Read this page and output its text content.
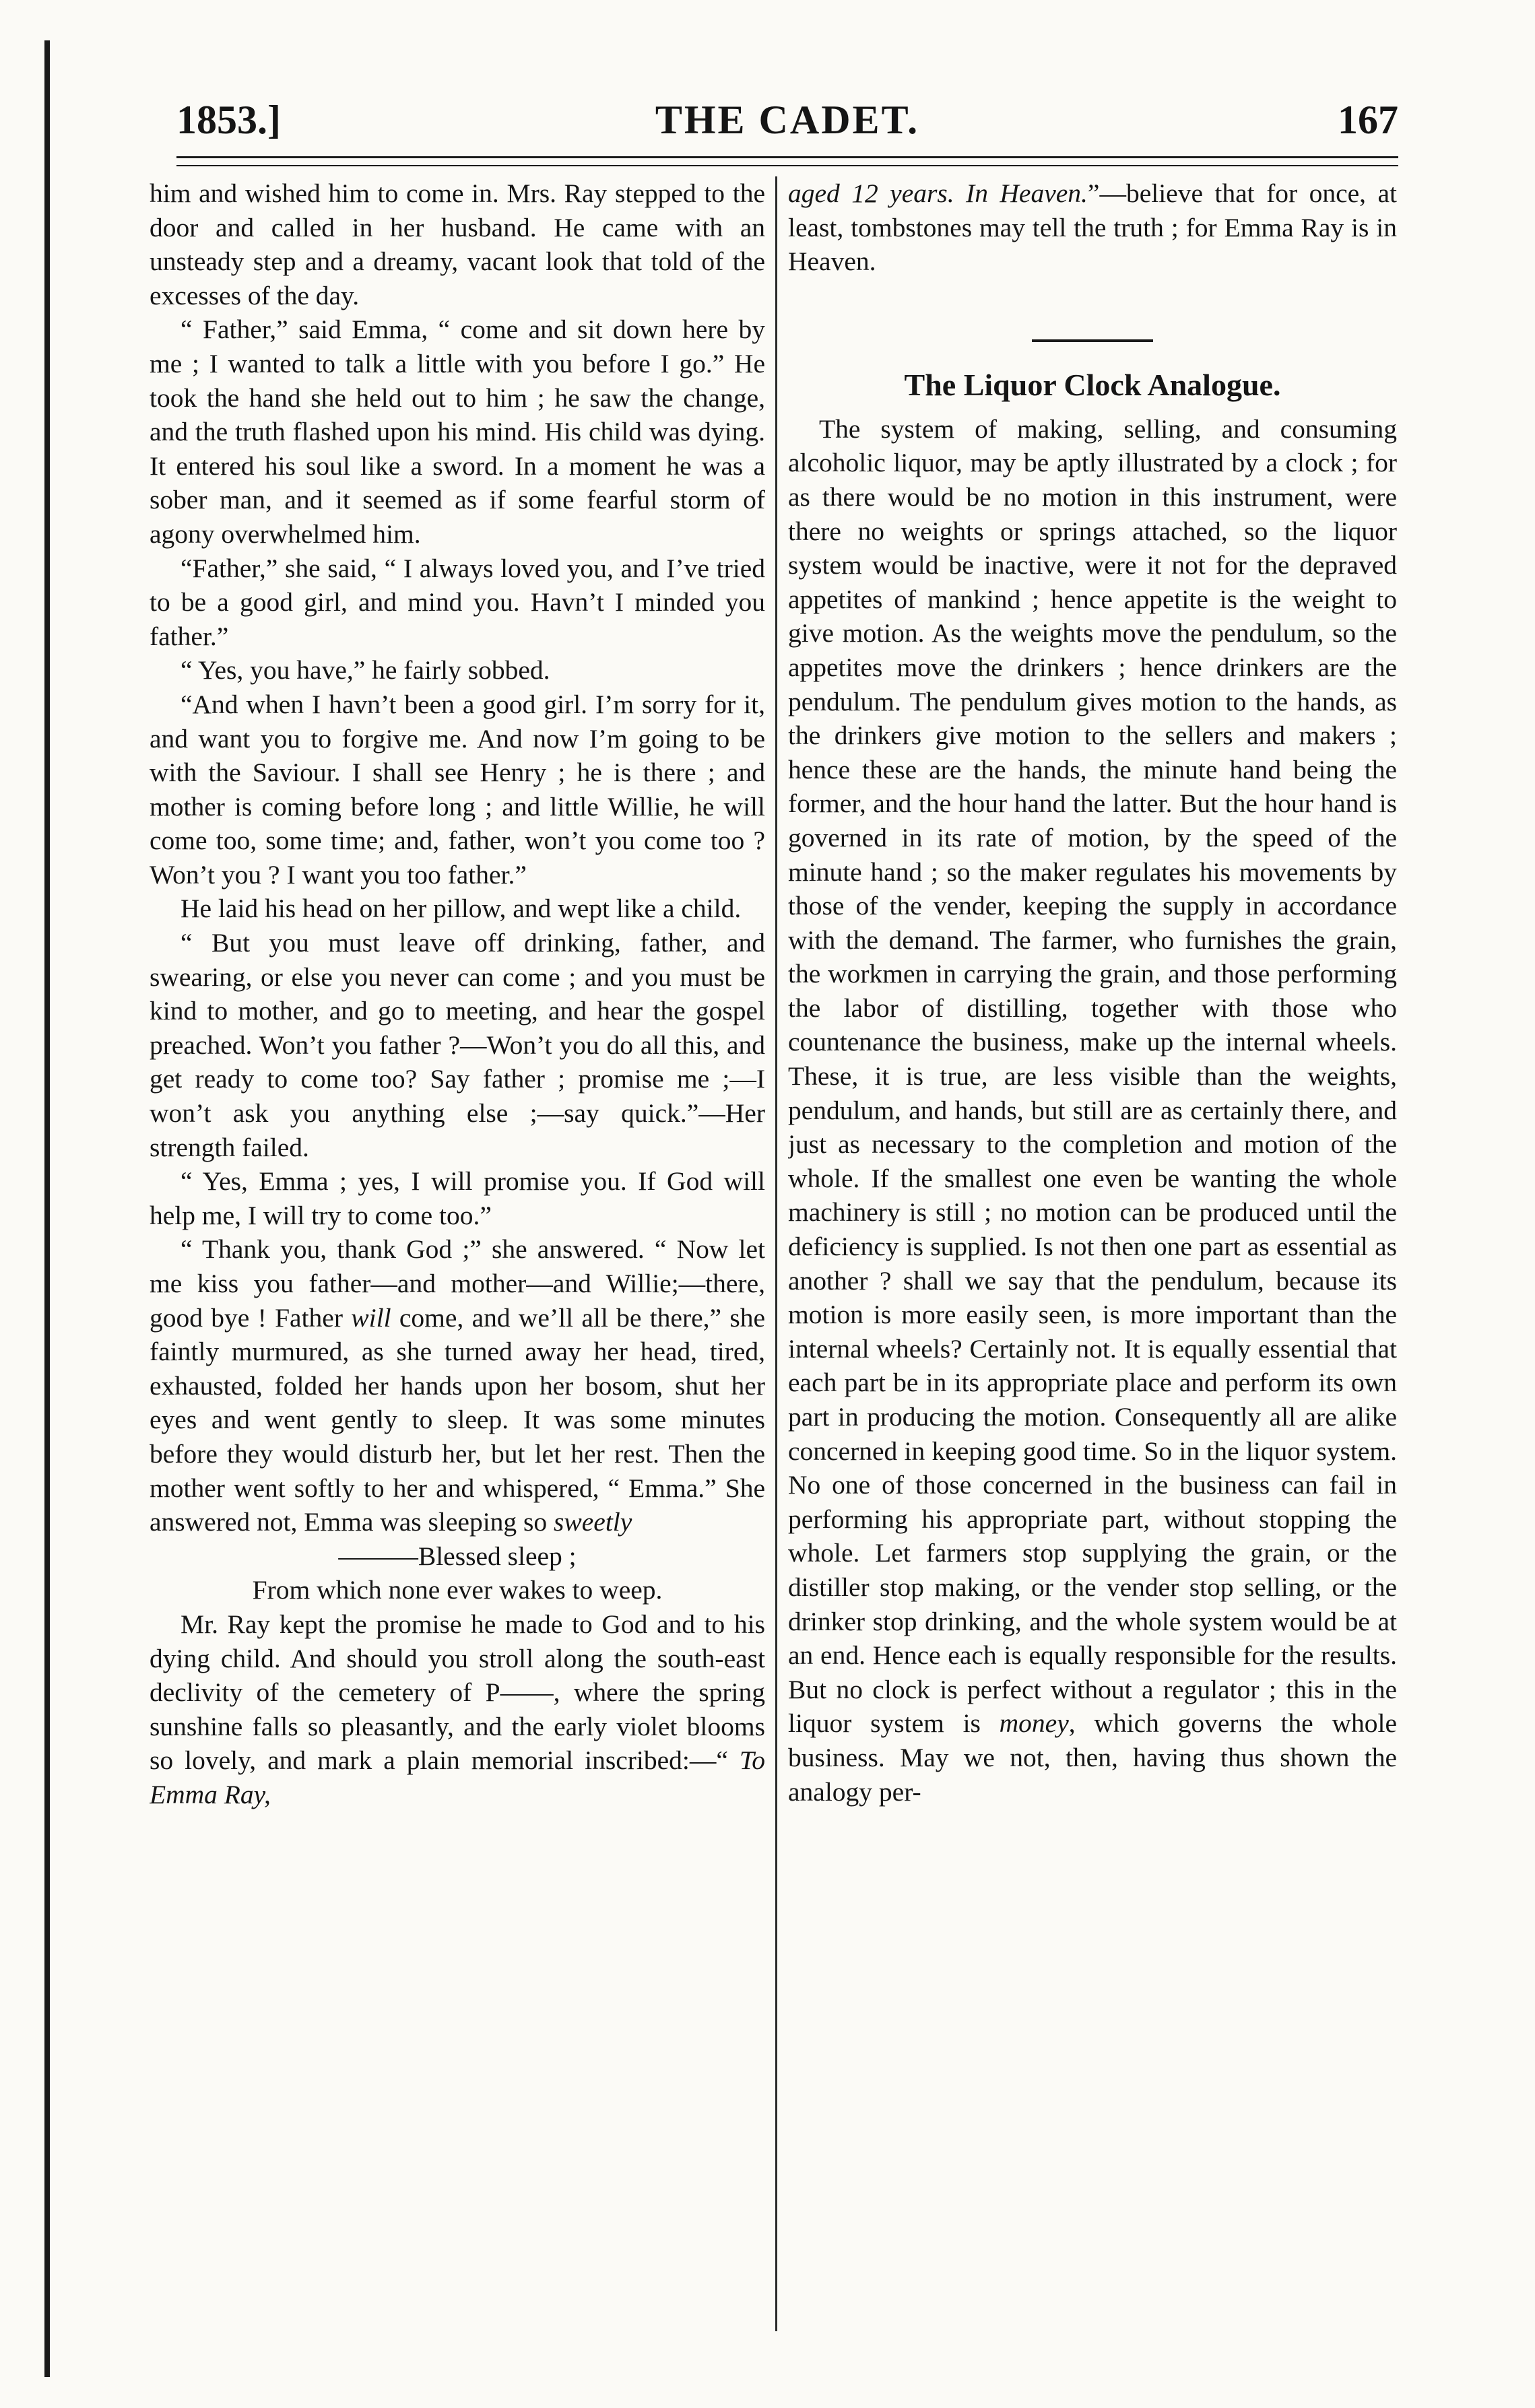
THE CADET.
1853.]	167

him and wished him to come in. Mrs. Ray stepped to the door and called in her husband. He came with an unsteady step and a dreamy, vacant look that told of the excesses of the day.

“ Father,” said Emma, “ come and sit down here by me ; I wanted to talk a little with you before I go.” He took the hand she held out to him ; he saw the change, and the truth flashed upon his mind. His child was dying. It entered his soul like a sword. In a moment he was a sober man, and it seemed as if some fearful storm of agony overwhelmed him.

“Father,” she said, “ I always loved you, and I’ve tried to be a good girl, and mind you. Havn’t I minded you father.”

“ Yes, you have,” he fairly sobbed.

“And when I havn’t been a good girl. I’m sorry for it, and want you to forgive me. And now I’m going to be with the Saviour. I shall see Henry ; he is there ; and mother is coming before long ; and little Willie, he will come too, some time; and, father, won’t you come too ? Won’t you ? I want you too father.”

He laid his head on her pillow, and wept like a child.

“ But you must leave off drinking, father, and swearing, or else you never can come ; and you must be kind to mother, and go to meeting, and hear the gospel preached. Won’t you father ?—Won’t you do all this, and get ready to come too? Say father ; promise me ;—I won’t ask you anything else ;—say quick.”—Her strength failed.

“ Yes, Emma ; yes, I will promise you. If God will help me, I will try to come too.”

“ Thank you, thank God ;” she answered. “ Now let me kiss you father—and mother—and Willie;—there, good bye ! Father will come, and we’ll all be there,” she faintly murmured, as she turned away her head, tired, exhausted, folded her hands upon her bosom, shut her eyes and went gently to sleep. It was some minutes before they would disturb her, but let her rest. Then the mother went softly to her and whispered, “ Emma.” She answered not, Emma was sleeping so sweetly

———Blessed sleep ;

From which none ever wakes to weep.

Mr. Ray kept the promise he made to God and to his dying child. And should you stroll along the south-east declivity of the cemetery of P——, where the spring sunshine falls so pleasantly, and the early violet blooms so lovely, and mark a plain memorial inscribed:—“ To Emma Ray,

aged 12 years. In Heaven.”—believe that for once, at least, tombstones may tell the truth ; for Emma Ray is in Heaven.

The Liquor Clock Analogue.

The system of making, selling, and consuming alcoholic liquor, may be aptly illustrated by a clock ; for as there would be no motion in this instrument, were there no weights or springs attached, so the liquor system would be inactive, were it not for the depraved appetites of mankind ; hence appetite is the weight to give motion. As the weights move the pendulum, so the appetites move the drinkers ; hence drinkers are the pendulum. The pendulum gives motion to the hands, as the drinkers give motion to the sellers and makers ; hence these are the hands, the minute hand being the former, and the hour hand the latter. But the hour hand is governed in its rate of motion, by the speed of the minute hand ; so the maker regulates his movements by those of the vender, keeping the supply in accordance with the demand. The farmer, who furnishes the grain, the workmen in carrying the grain, and those performing the labor of distilling, together with those who countenance the business, make up the internal wheels. These, it is true, are less visible than the weights, pendulum, and hands, but still are as certainly there, and just as necessary to the completion and motion of the whole. If the smallest one even be wanting the whole machinery is still ; no motion can be produced until the deficiency is supplied. Is not then one part as essential as another ? shall we say that the pendulum, because its motion is more easily seen, is more important than the internal wheels? Certainly not. It is equally essential that each part be in its appropriate place and perform its own part in producing the motion. Consequently all are alike concerned in keeping good time. So in the liquor system. No one of those concerned in the business can fail in performing his appropriate part, without stopping the whole. Let farmers stop supplying the grain, or the distiller stop making, or the vender stop selling, or the drinker stop drinking, and the whole system would be at an end. Hence each is equally responsible for the results. But no clock is perfect without a regulator ; this in the liquor system is money, which governs the whole business. May we not, then, having thus shown the analogy per-
